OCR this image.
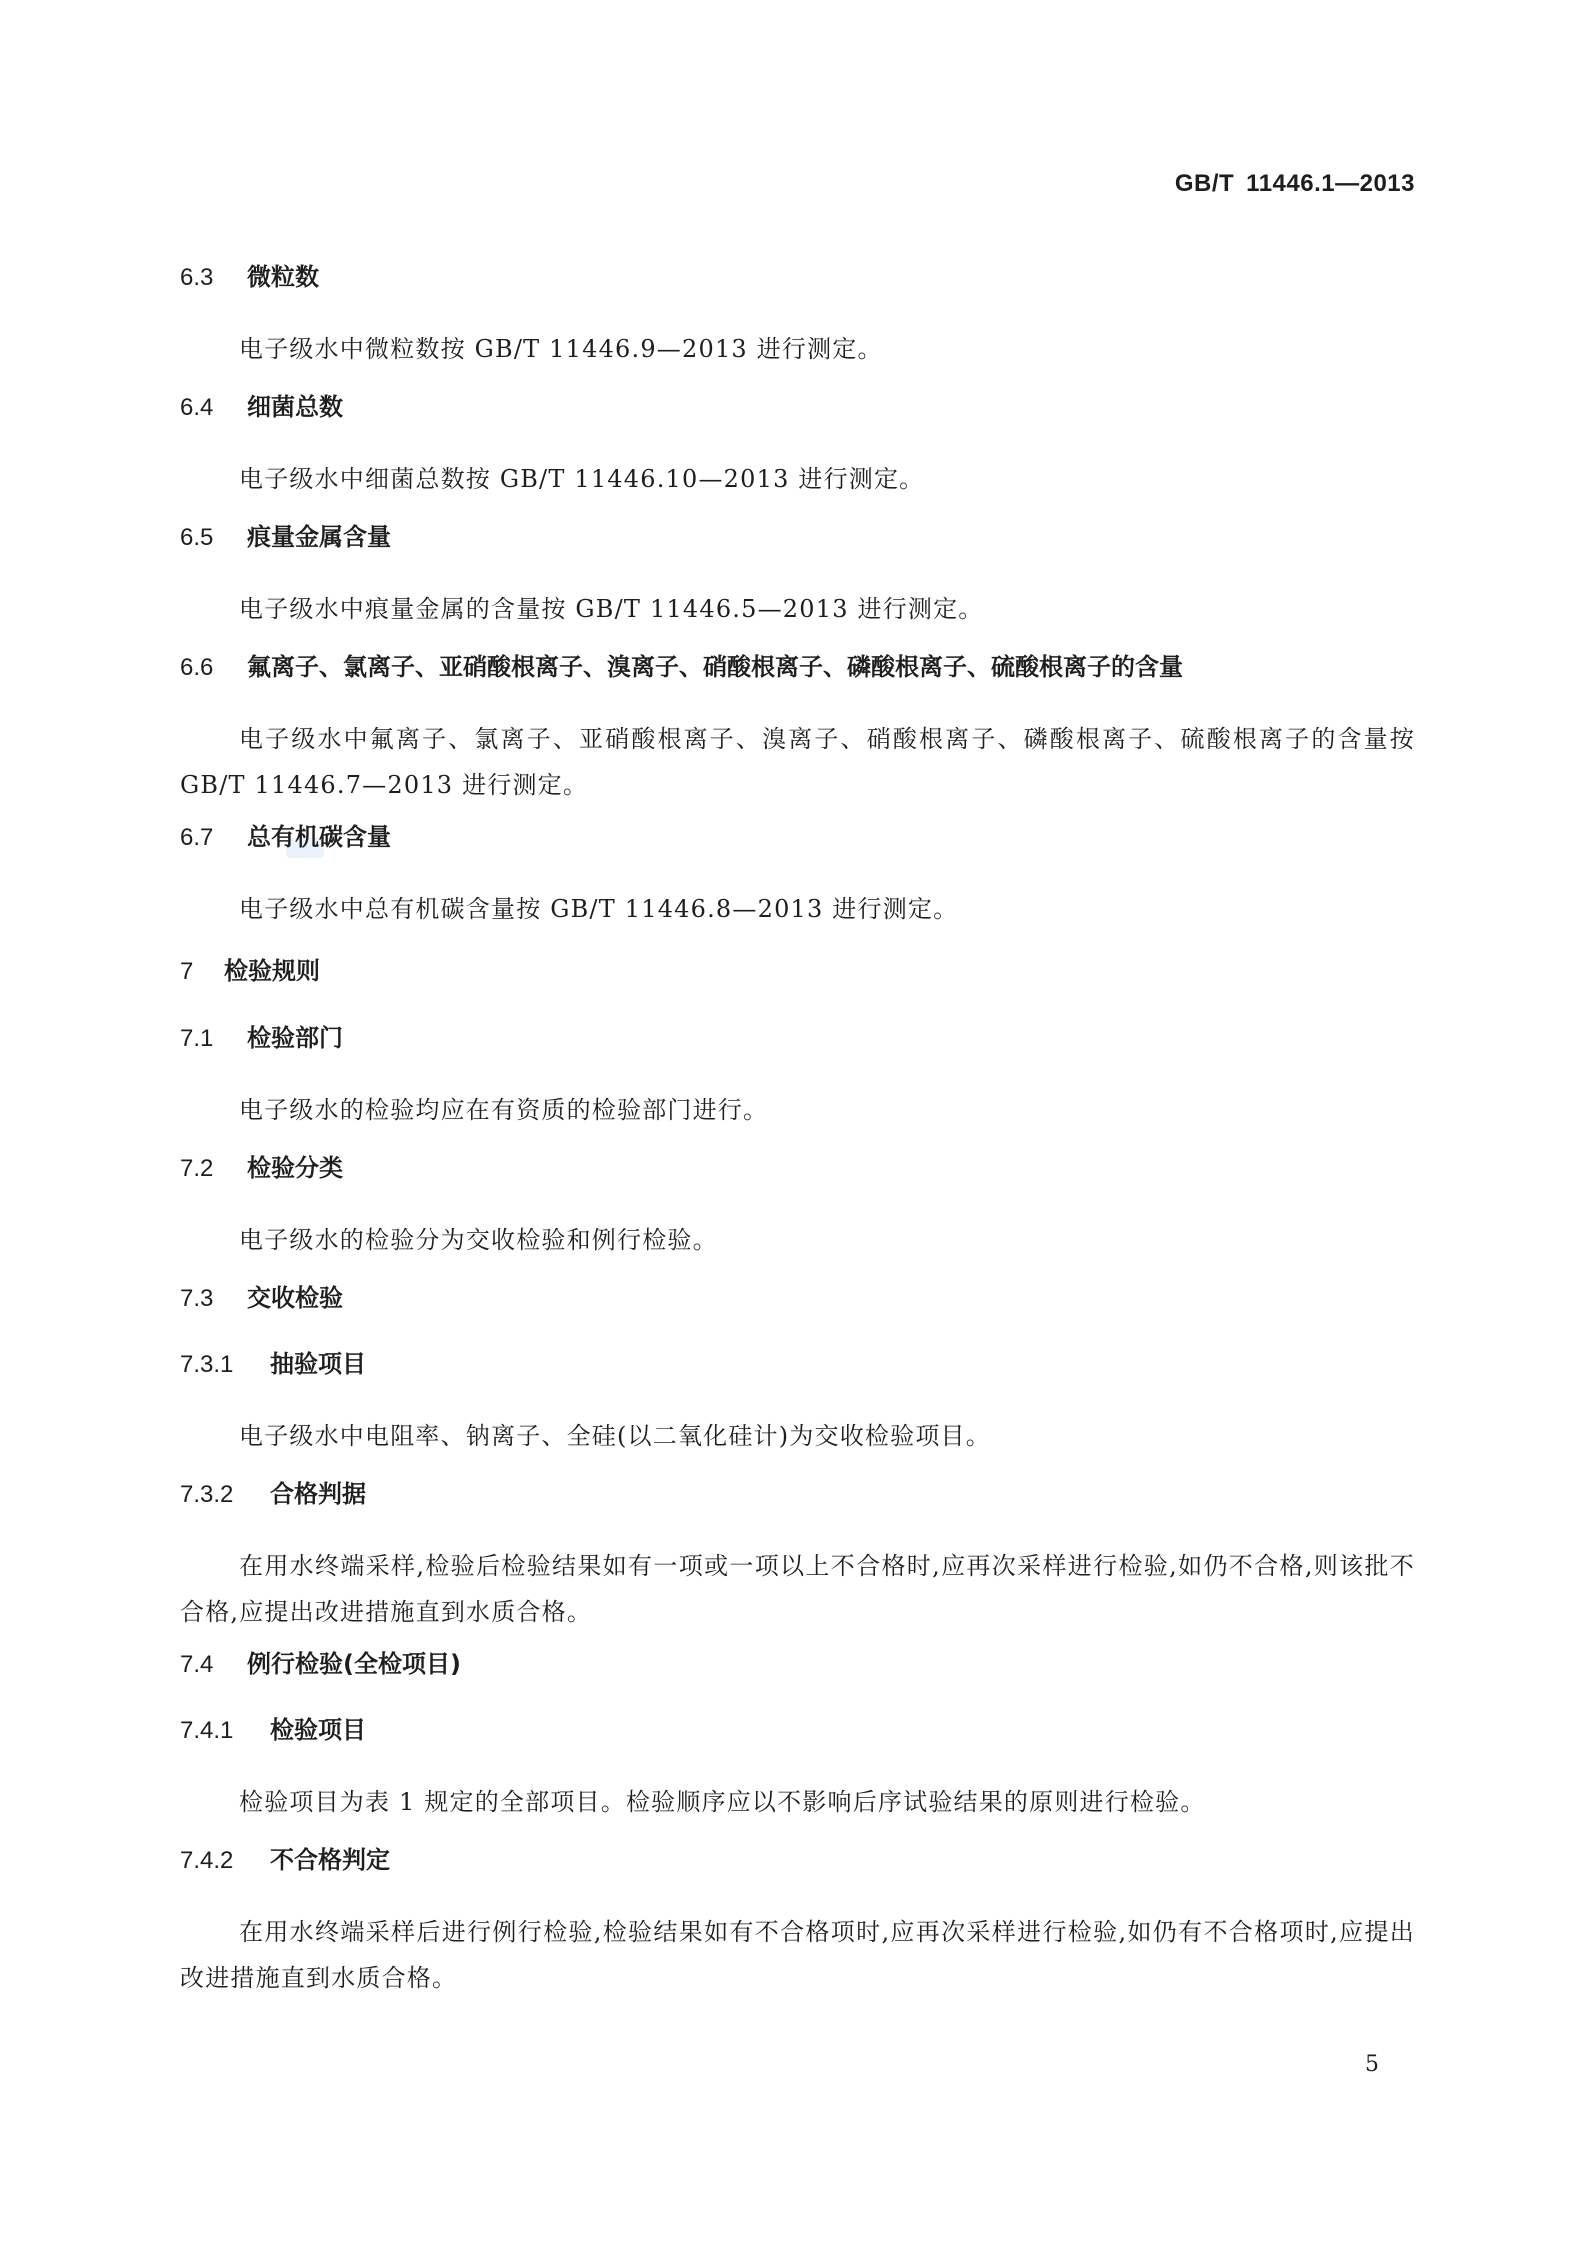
GB/T 11446.1—2013
6.3 微粒数
电子级水中微粒数按 GB/T 11446.9—2013 进行测定。
6.4 细菌总数
电子级水中细菌总数按 GB/T 11446.10—2013 进行测定。
6.5 痕量金属含量
电子级水中痕量金属的含量按 GB/T 11446.5—2013 进行测定。
6.6 氟离子、氯离子、亚硝酸根离子、溴离子、硝酸根离子、磷酸根离子、硫酸根离子的含量
电子级水中氟离子、氯离子、亚硝酸根离子、溴离子、硝酸根离子、磷酸根离子、硫酸根离子的含量按 GB/T 11446.7—2013 进行测定。
6.7 总有机碳含量
电子级水中总有机碳含量按 GB/T 11446.8—2013 进行测定。
7 检验规则
7.1 检验部门
电子级水的检验均应在有资质的检验部门进行。
7.2 检验分类
电子级水的检验分为交收检验和例行检验。
7.3 交收检验
7.3.1 抽验项目
电子级水中电阻率、钠离子、全硅(以二氧化硅计)为交收检验项目。
7.3.2 合格判据
在用水终端采样,检验后检验结果如有一项或一项以上不合格时,应再次采样进行检验,如仍不合格,则该批不合格,应提出改进措施直到水质合格。
7.4 例行检验(全检项目)
7.4.1 检验项目
检验项目为表 1 规定的全部项目。检验顺序应以不影响后序试验结果的原则进行检验。
7.4.2 不合格判定
在用水终端采样后进行例行检验,检验结果如有不合格项时,应再次采样进行检验,如仍有不合格项时,应提出改进措施直到水质合格。
5
